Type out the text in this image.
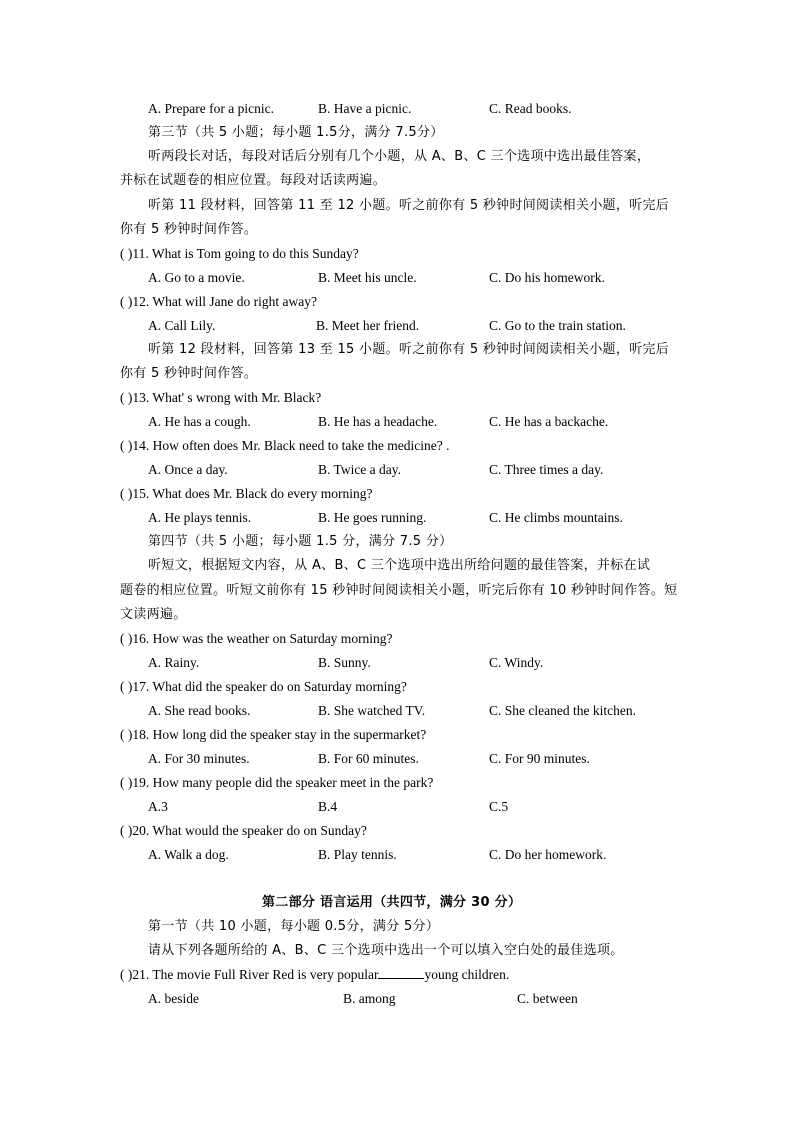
A. Prepare for a picnic.	B. Have a picnic.	C. Read books.
第三节（共 5 小题；每小题 1.5分，满分 7.5分）
听两段长对话，每段对话后分别有几个小题，从 A、B、C 三个选项中选出最佳答案，
并标在试题卷的相应位置。每段对话读两遍。
听第 11 段材料，回答第 11 至 12 小题。听之前你有 5 秒钟时间阅读相关小题，听完后
你有 5 秒钟时间作答。
( )11. What is Tom going to do this Sunday?
A. Go to a movie.	B. Meet his uncle.	C. Do his homework.
( )12. What will Jane do right away?
A. Call Lily.	B. Meet her friend.	C. Go to the train station.
听第 12 段材料，回答第 13 至 15 小题。听之前你有 5 秒钟时间阅读相关小题，听完后
你有 5 秒钟时间作答。
( )13. What' s wrong with Mr. Black?
A. He has a cough.	B. He has a headache.	C. He has a backache.
( )14. How often does Mr. Black need to take the medicine? .
A. Once a day.	B. Twice a day.	C. Three times a day.
( )15. What does Mr. Black do every morning?
A. He plays tennis.	B. He goes running.	C. He climbs mountains.
第四节（共 5 小题；每小题 1.5 分，满分 7.5 分）
听短文，根据短文内容，从 A、B、C 三个选项中选出所给问题的最佳答案，并标在试
题卷的相应位置。听短文前你有 15 秒钟时间阅读相关小题，听完后你有 10 秒钟时间作答。短
文读两遍。
( )16. How was the weather on Saturday morning?
A. Rainy.	B. Sunny.	C. Windy.
( )17. What did the speaker do on Saturday morning?
A. She read books.	B. She watched TV.	C. She cleaned the kitchen.
( )18. How long did the speaker stay in the supermarket?
A. For 30 minutes.	B. For 60 minutes.	C. For 90 minutes.
( )19. How many people did the speaker meet in the park?
A.3	B.4	C.5
( )20. What would the speaker do on Sunday?
A. Walk a dog.	B. Play tennis.	C. Do her homework.
第二部分 语言运用（共四节，满分 30 分）
第一节（共 10 小题，每小题 0.5分，满分 5分）
请从下列各题所给的 A、B、C 三个选项中选出一个可以填入空白处的最佳选项。
( )21. The movie Full River Red is very popular	young children.
A. beside	B. among	C. between
